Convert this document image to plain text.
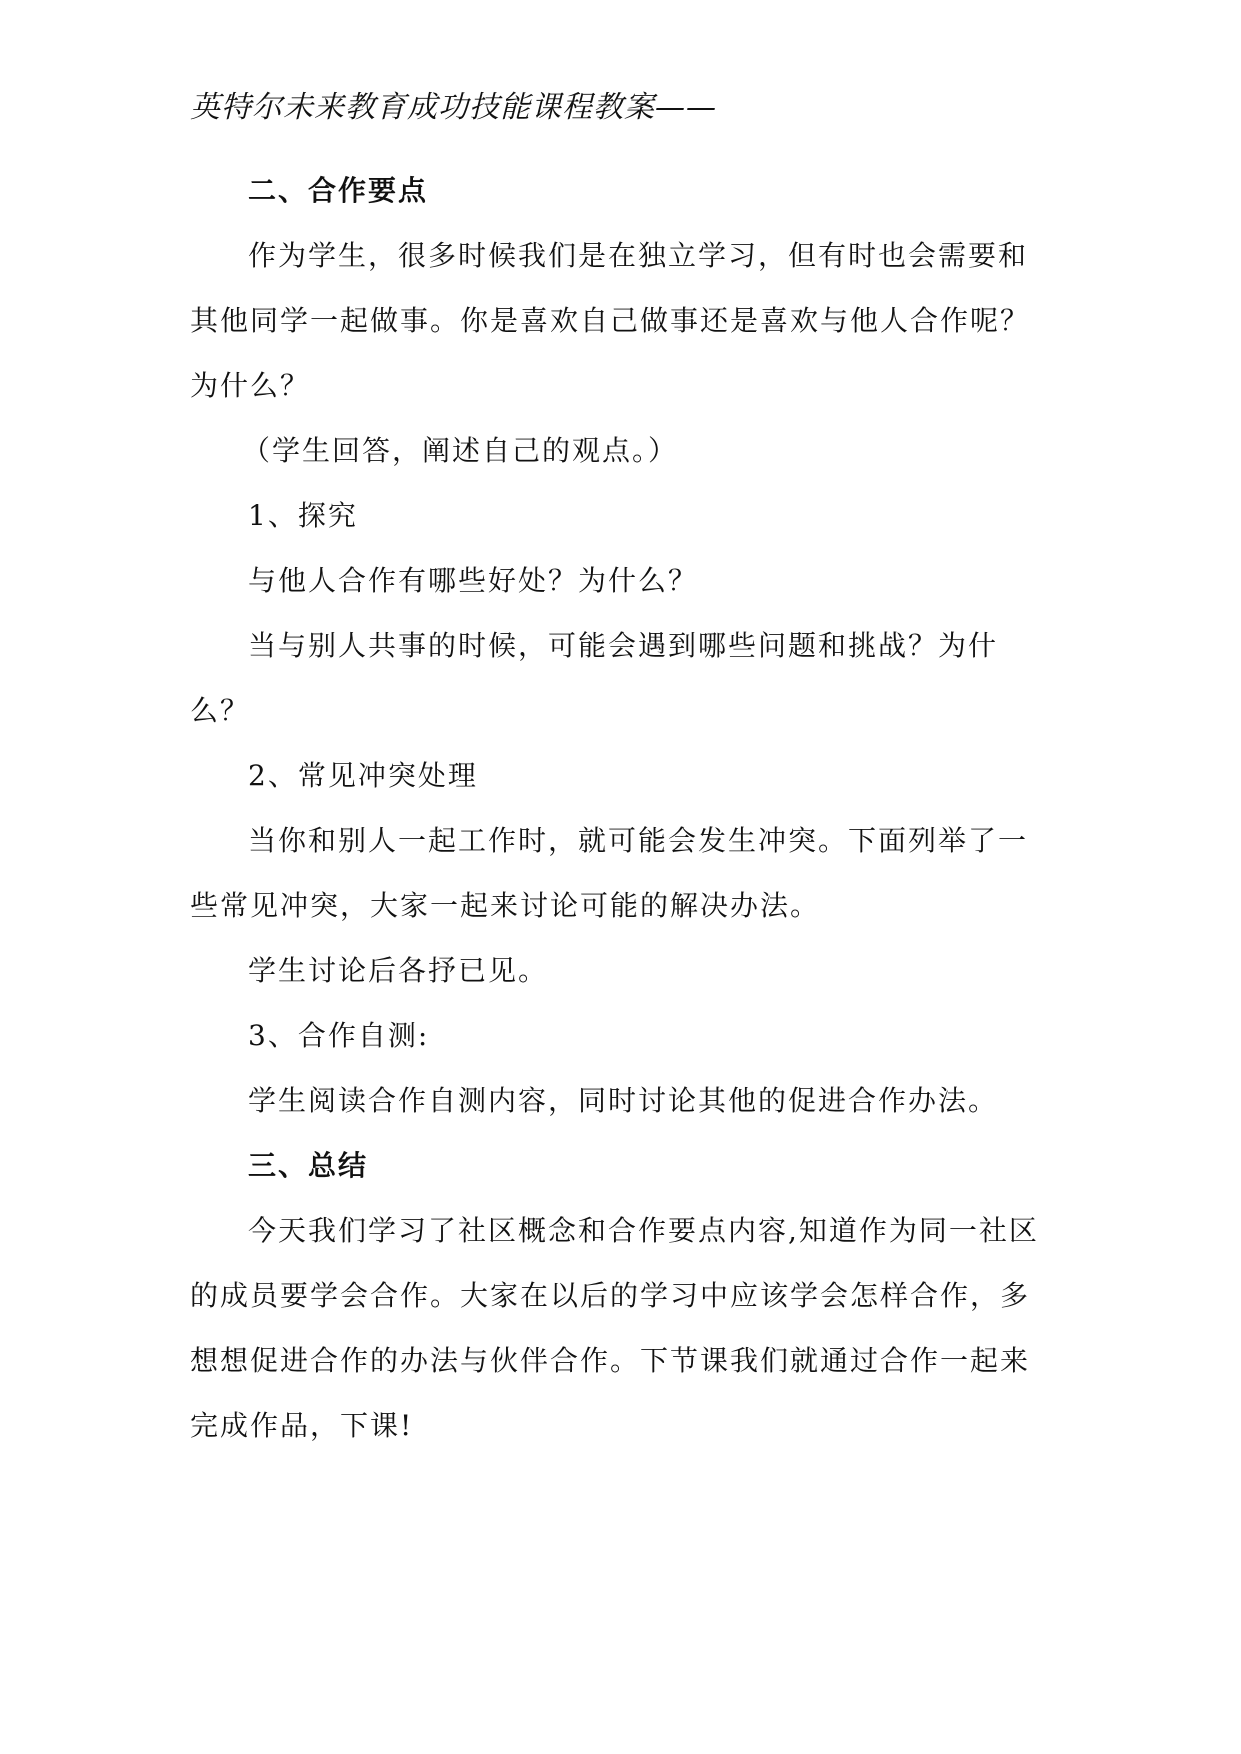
英特尔未来教育成功技能课程教案——

二、合作要点

作为学生，很多时候我们是在独立学习，但有时也会需要和其他同学一起做事。你是喜欢自己做事还是喜欢与他人合作呢？为什么？

（学生回答，阐述自己的观点。）

1、探究

与他人合作有哪些好处？为什么？

当与别人共事的时候，可能会遇到哪些问题和挑战？为什么？

2、常见冲突处理

当你和别人一起工作时，就可能会发生冲突。下面列举了一些常见冲突，大家一起来讨论可能的解决办法。

学生讨论后各抒已见。

3、合作自测:

学生阅读合作自测内容，同时讨论其他的促进合作办法。

三、总结

今天我们学习了社区概念和合作要点内容,知道作为同一社区的成员要学会合作。大家在以后的学习中应该学会怎样合作，多想想促进合作的办法与伙伴合作。下节课我们就通过合作一起来完成作品，下课!
